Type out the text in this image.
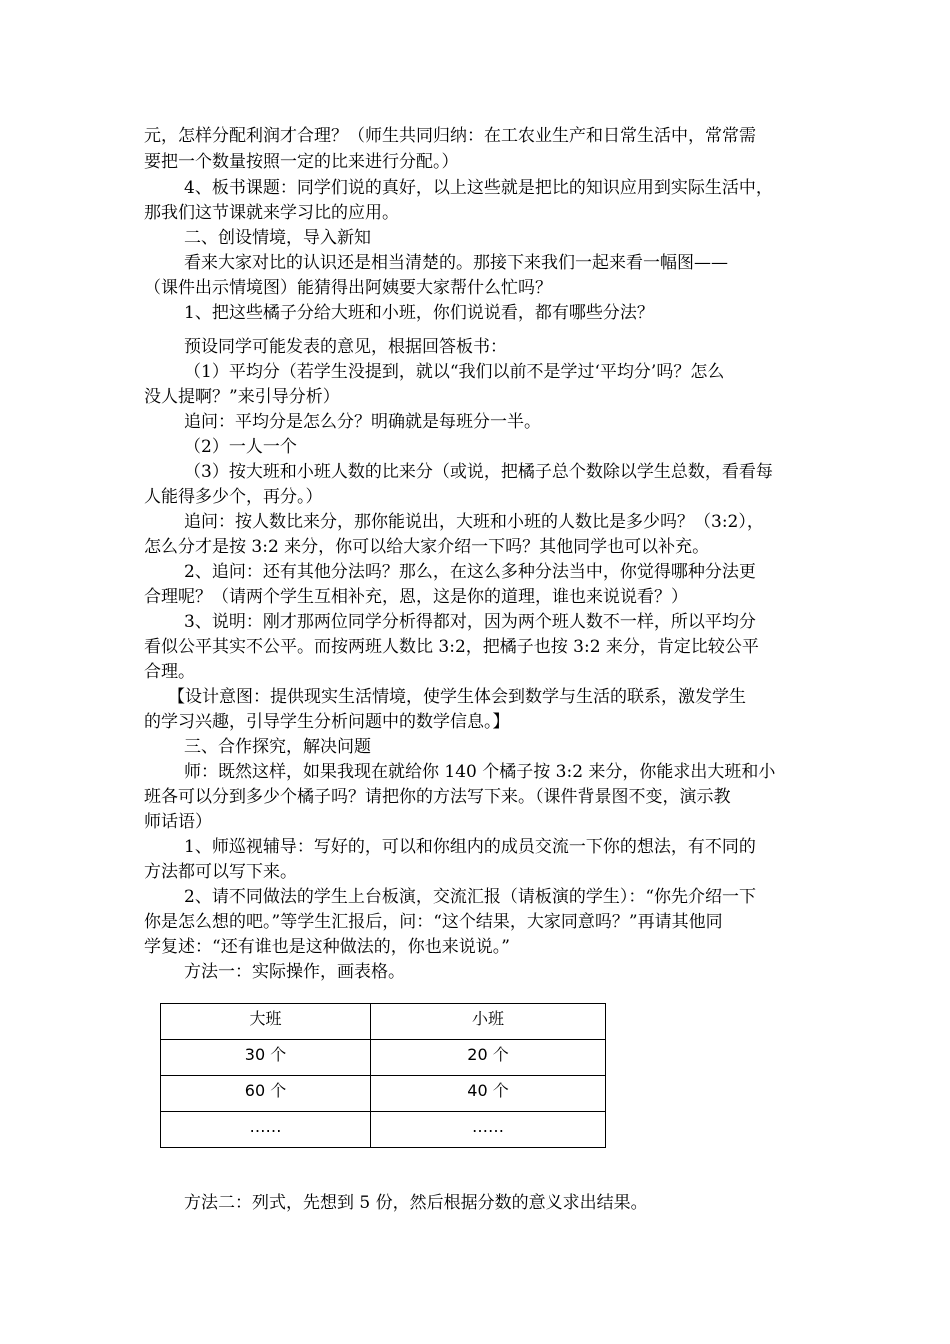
元，怎样分配利润才合理？（师生共同归纳：在工农业生产和日常生活中，常常需
要把一个数量按照一定的比来进行分配。）
4、板书课题：同学们说的真好，以上这些就是把比的知识应用到实际生活中，
那我们这节课就来学习比的应用。
二、创设情境，导入新知
看来大家对比的认识还是相当清楚的。那接下来我们一起来看一幅图——
（课件出示情境图）能猜得出阿姨要大家帮什么忙吗？
1、把这些橘子分给大班和小班，你们说说看，都有哪些分法？
预设同学可能发表的意见，根据回答板书：
（1）平均分（若学生没提到，就以“我们以前不是学过‘平均分’吗？怎么
没人提啊？”来引导分析）
追问：平均分是怎么分？明确就是每班分一半。
（2）一人一个
（3）按大班和小班人数的比来分（或说，把橘子总个数除以学生总数，看看每
人能得多少个，再分。）
追问：按人数比来分，那你能说出，大班和小班的人数比是多少吗？（3:2），
怎么分才是按 3:2 来分，你可以给大家介绍一下吗？其他同学也可以补充。
2、追问：还有其他分法吗？那么，在这么多种分法当中，你觉得哪种分法更
合理呢？（请两个学生互相补充，恩，这是你的道理，谁也来说说看？）
3、说明：刚才那两位同学分析得都对，因为两个班人数不一样，所以平均分
看似公平其实不公平。而按两班人数比 3:2，把橘子也按 3:2 来分，肯定比较公平
合理。
【设计意图：提供现实生活情境，使学生体会到数学与生活的联系，激发学生
的学习兴趣，引导学生分析问题中的数学信息。】
三、合作探究，解决问题
师：既然这样，如果我现在就给你 140 个橘子按 3:2 来分，你能求出大班和小
班各可以分到多少个橘子吗？请把你的方法写下来。（课件背景图不变，演示教
师话语）
1、师巡视辅导：写好的，可以和你组内的成员交流一下你的想法，有不同的
方法都可以写下来。
2、请不同做法的学生上台板演，交流汇报（请板演的学生）：“你先介绍一下
你是怎么想的吧。”等学生汇报后，问：“这个结果，大家同意吗？”再请其他同
学复述：“还有谁也是这种做法的，你也来说说。”
方法一：实际操作，画表格。
大班	小班
30 个	20 个
60 个	40 个
……	……
方法二：列式，先想到 5 份，然后根据分数的意义求出结果。
